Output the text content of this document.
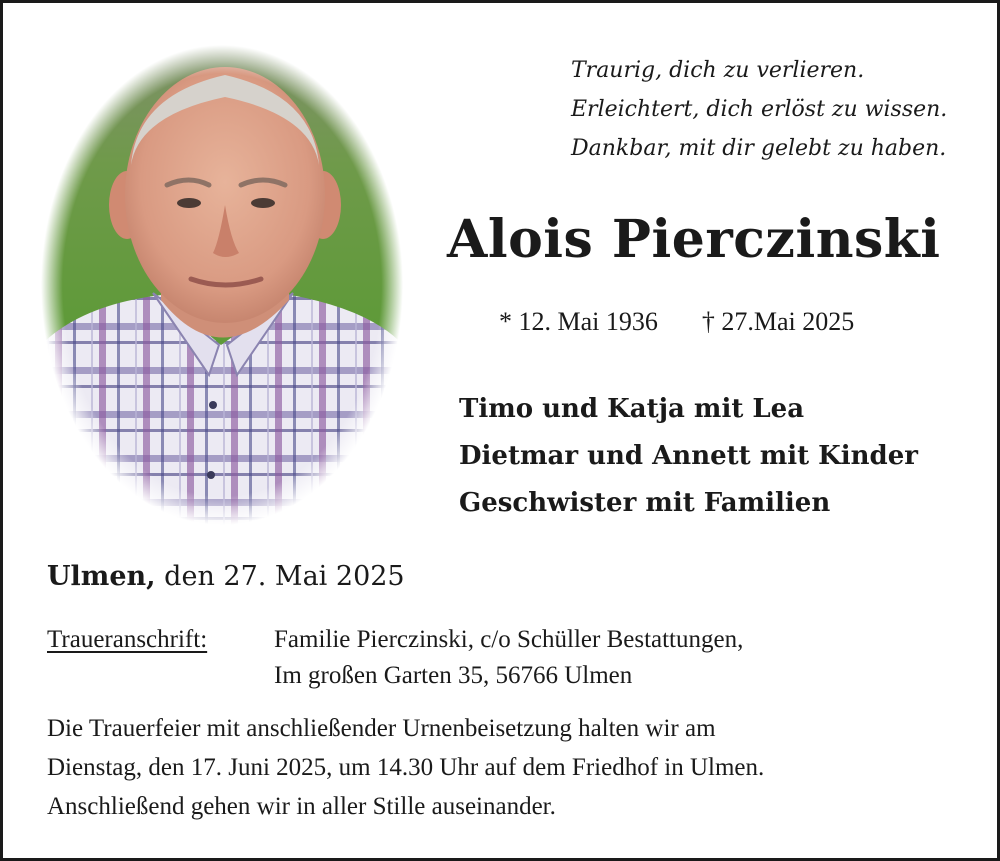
Traurig, dich zu verlieren.
Erleichtert, dich erlöst zu wissen.
Dankbar, mit dir gelebt zu haben.
Alois Pierczinski
* 12. Mai 1936 † 27.Mai 2025
Timo und Katja mit Lea
Dietmar und Annett mit Kinder
Geschwister mit Familien
Ulmen, den 27. Mai 2025
Traueranschrift:	Familie Pierczinski, c/o Schüller Bestattungen,
Im großen Garten 35, 56766 Ulmen
Die Trauerfeier mit anschließender Urnenbeisetzung halten wir am
Dienstag, den 17. Juni 2025, um 14.30 Uhr auf dem Friedhof in Ulmen.
Anschließend gehen wir in aller Stille auseinander.
